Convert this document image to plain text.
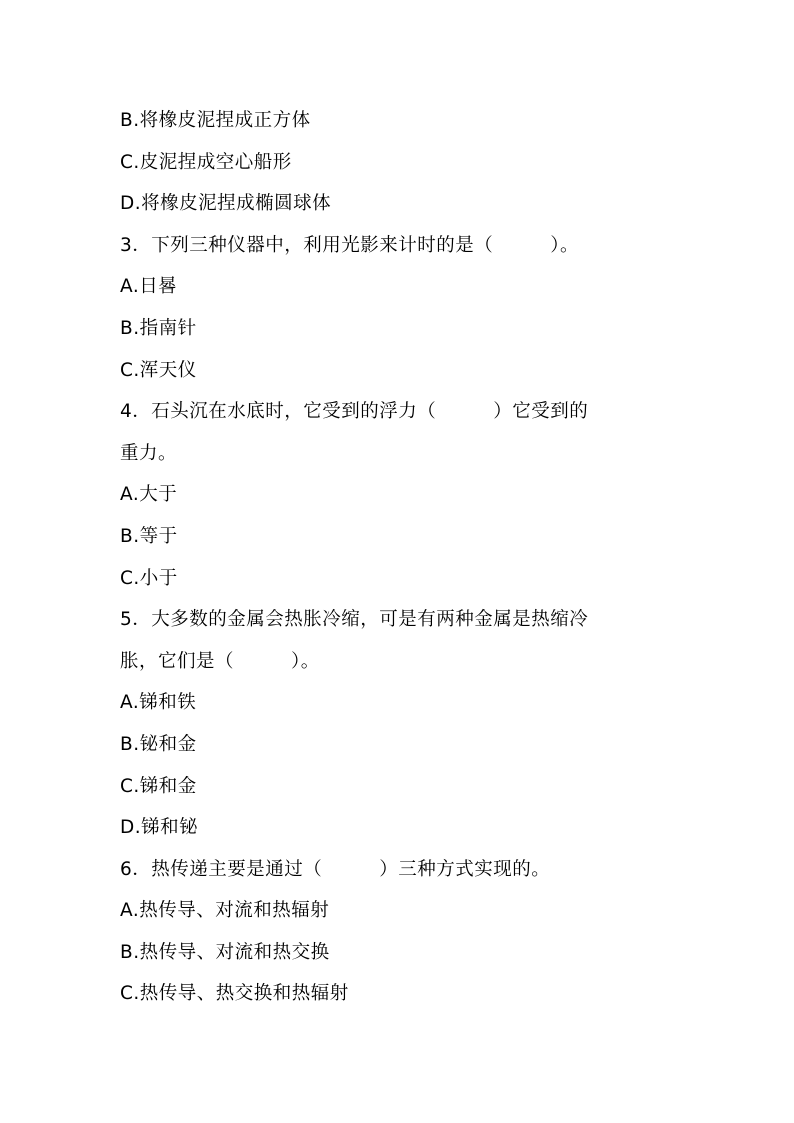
B.将橡皮泥捏成正方体
C.皮泥捏成空心船形
D.将橡皮泥捏成椭圆球体
3．下列三种仪器中，利用光影来计时的是（　　　）。
A.日晷
B.指南针
C.浑天仪
4．石头沉在水底时，它受到的浮力（　　　）它受到的
重力。
A.大于
B.等于
C.小于
5．大多数的金属会热胀冷缩，可是有两种金属是热缩冷
胀，它们是（　　　）。
A.锑和铁
B.铋和金
C.锑和金
D.锑和铋
6．热传递主要是通过（　　　）三种方式实现的。
A.热传导、对流和热辐射
B.热传导、对流和热交换
C.热传导、热交换和热辐射
